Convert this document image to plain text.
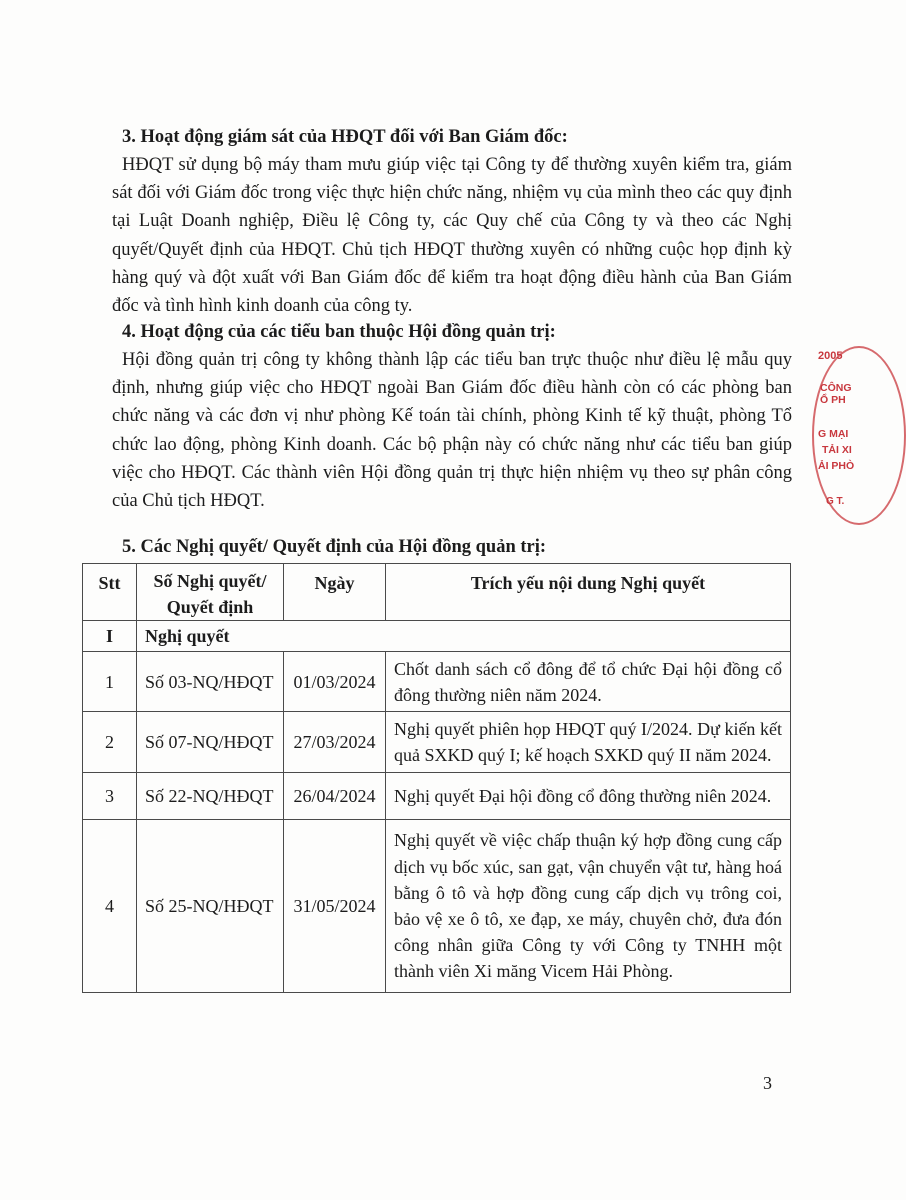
3. Hoạt động giám sát của HĐQT đối với Ban Giám đốc:

HĐQT sử dụng bộ máy tham mưu giúp việc tại Công ty để thường xuyên kiểm tra, giám sát đối với Giám đốc trong việc thực hiện chức năng, nhiệm vụ của mình theo các quy định tại Luật Doanh nghiệp, Điều lệ Công ty, các Quy chế của Công ty và theo các Nghị quyết/Quyết định của HĐQT. Chủ tịch HĐQT thường xuyên có những cuộc họp định kỳ hàng quý và đột xuất với Ban Giám đốc để kiểm tra hoạt động điều hành của Ban Giám đốc và tình hình kinh doanh của công ty.

4. Hoạt động của các tiểu ban thuộc Hội đồng quản trị:

Hội đồng quản trị công ty không thành lập các tiểu ban trực thuộc như điều lệ mẫu quy định, nhưng giúp việc cho HĐQT ngoài Ban Giám đốc điều hành còn có các phòng ban chức năng và các đơn vị như phòng Kế toán tài chính, phòng Kinh tế kỹ thuật, phòng Tổ chức lao động, phòng Kinh doanh. Các bộ phận này có chức năng như các tiểu ban giúp việc cho HĐQT. Các thành viên Hội đồng quản trị thực hiện nhiệm vụ theo sự phân công của Chủ tịch HĐQT.

5. Các Nghị quyết/ Quyết định của Hội đồng quản trị:
Stt	Số Nghị quyết/ Quyết định	Ngày	Trích yếu nội dung Nghị quyết
I	Nghị quyết		
1	Số 03-NQ/HĐQT	01/03/2024	Chốt danh sách cổ đông để tổ chức Đại hội đồng cổ đông thường niên năm 2024.
2	Số 07-NQ/HĐQT	27/03/2024	Nghị quyết phiên họp HĐQT quý I/2024. Dự kiến kết quả SXKD quý I; kế hoạch SXKD quý II năm 2024.
3	Số 22-NQ/HĐQT	26/04/2024	Nghị quyết Đại hội đồng cổ đông thường niên 2024.
4	Số 25-NQ/HĐQT	31/05/2024	Nghị quyết về việc chấp thuận ký hợp đồng cung cấp dịch vụ bốc xúc, san gạt, vận chuyển vật tư, hàng hoá bằng ô tô và hợp đồng cung cấp dịch vụ trông coi, bảo vệ xe ô tô, xe đạp, xe máy, chuyên chở, đưa đón công nhân giữa Công ty với Công ty TNHH một thành viên Xi măng Vicem Hải Phòng.
3
2005
CÔNG
Ổ PH
G MẠI
TẢI XI
ẢI PHÒ
G T.
